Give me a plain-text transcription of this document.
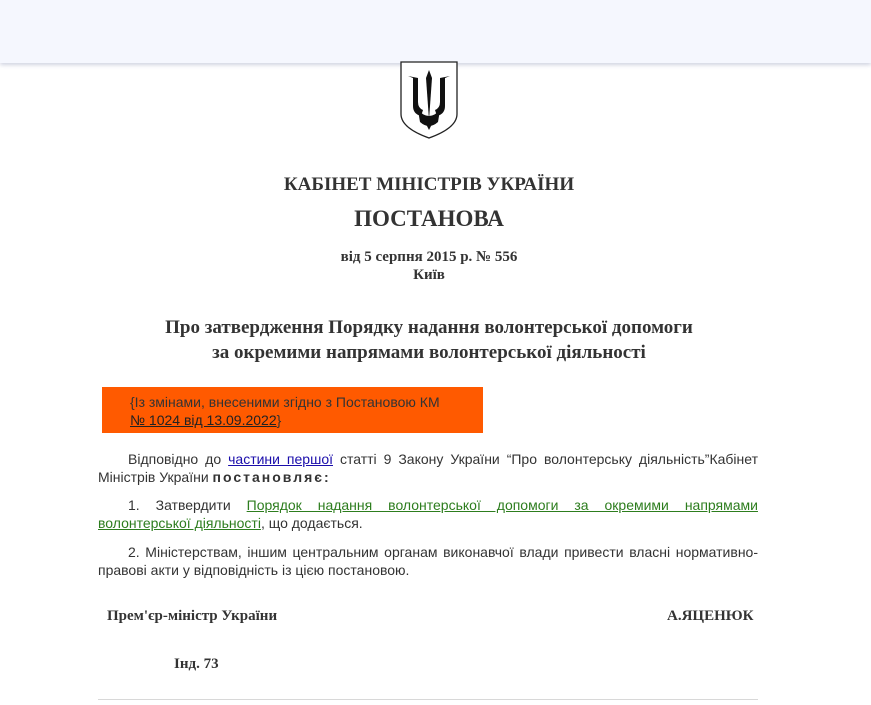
КАБІНЕТ МІНІСТРІВ УКРАЇНИ
ПОСТАНОВА
від 5 серпня 2015 р. № 556
Київ
Про затвердження Порядку надання волонтерської допомоги
за окремими напрямами волонтерської діяльності
{Із змінами, внесеними згідно з Постановою КМ
№ 1024 від 13.09.2022}
Відповідно до частини першої статті 9 Закону України “Про волонтерську діяльність”Кабінет Міністрів України постановляє:
1. Затвердити Порядок надання волонтерської допомоги за окремими напрямами волонтерської діяльності, що додається.
2. Міністерствам, іншим центральним органам виконавчої влади привести власні нормативно-правові акти у відповідність із цією постановою.
Прем'єр-міністр України	А.ЯЦЕНЮК
Інд. 73
